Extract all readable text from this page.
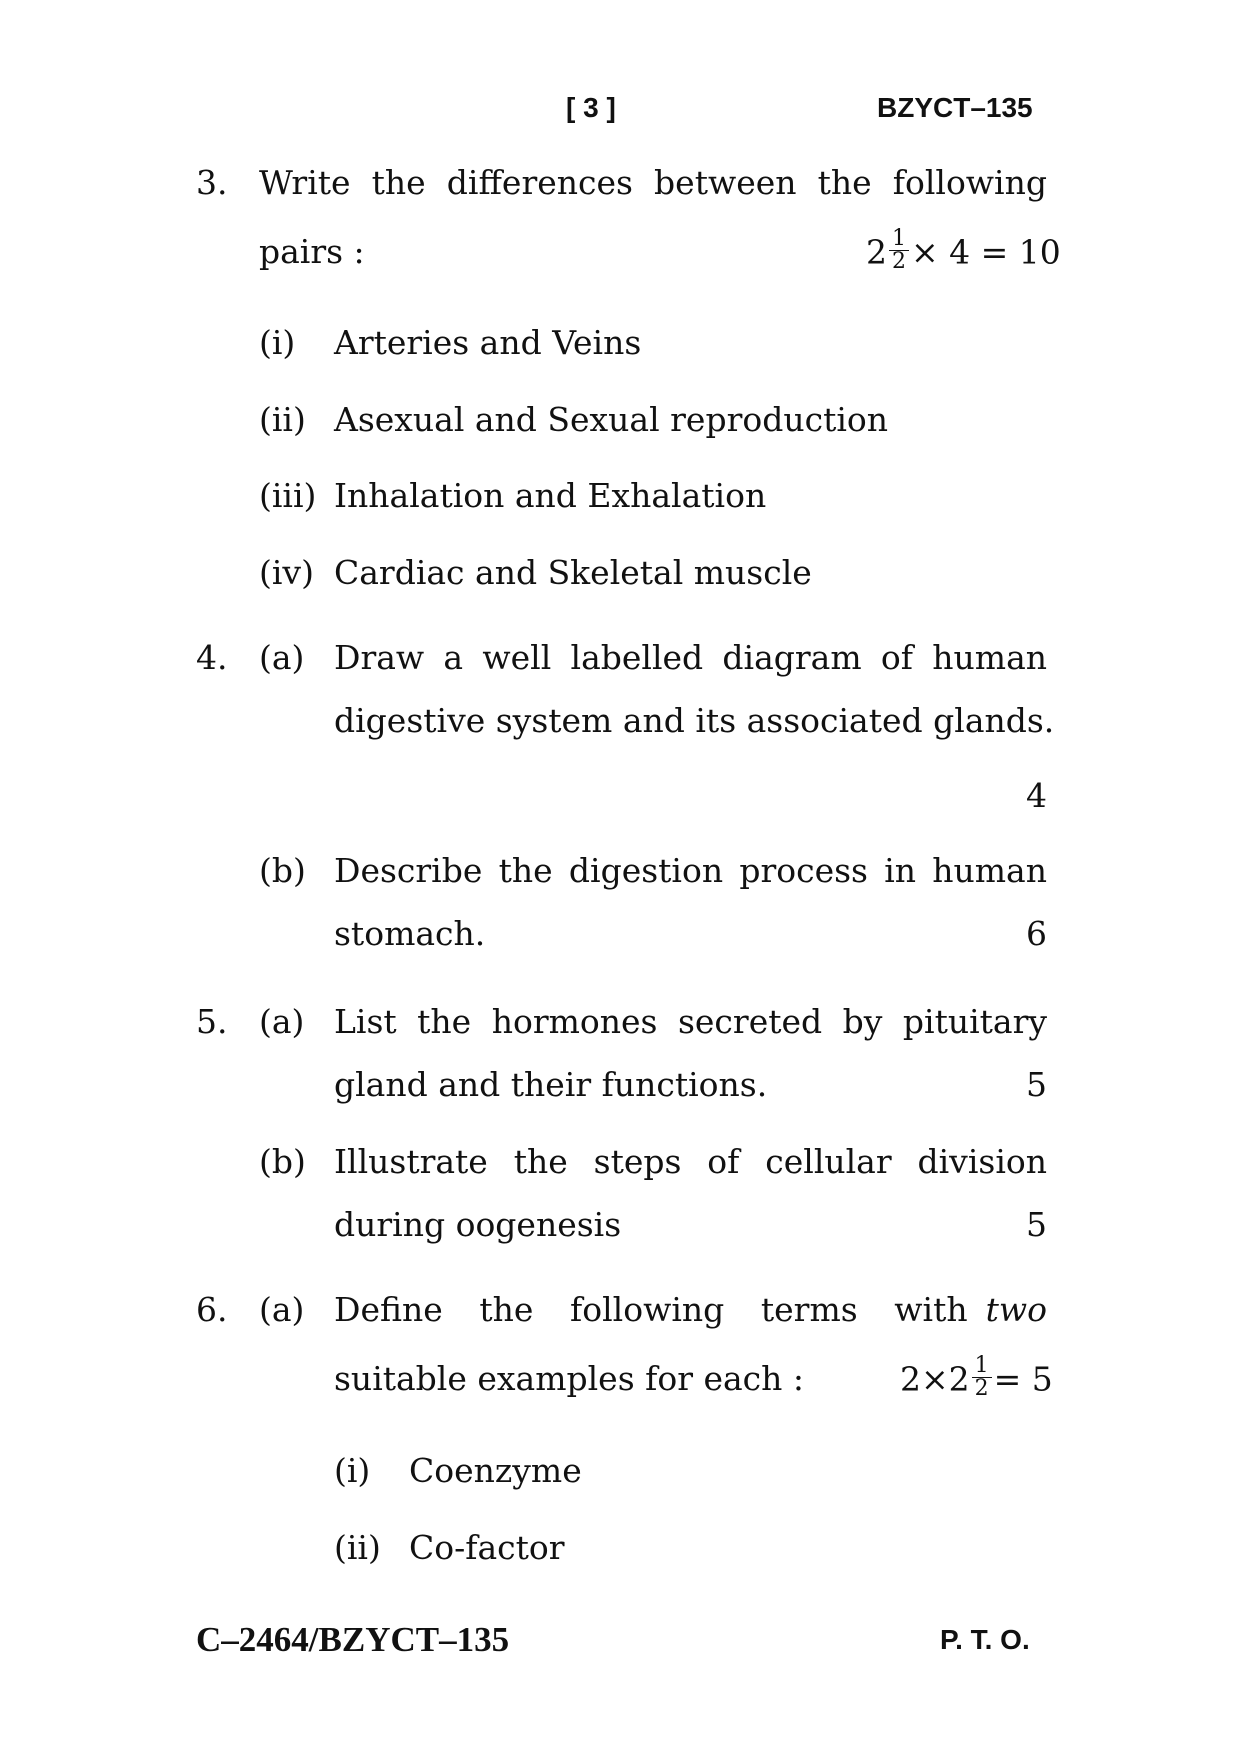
[ 3 ]	BZYCT–135
3. Write the differences between the following
pairs :	$2 \frac{1}{2} \times 4 = 10$
(i) Arteries and Veins
(ii) Asexual and Sexual reproduction
(iii) Inhalation and Exhalation
(iv) Cardiac and Skeletal muscle
4. (a) Draw a well labelled diagram of human
digestive system and its associated glands.
4
(b) Describe the digestion process in human
stomach.	6
5. (a) List the hormones secreted by pituitary
gland and their functions.	5
(b) Illustrate the steps of cellular division
during oogenesis	5
6. (a) Define the following terms with two
suitable examples for each :	$2\times 2 \frac{1}{2} = 5$
(i) Coenzyme
(ii) Co-factor
C–2464/BZYCT–135	P. T. O.
